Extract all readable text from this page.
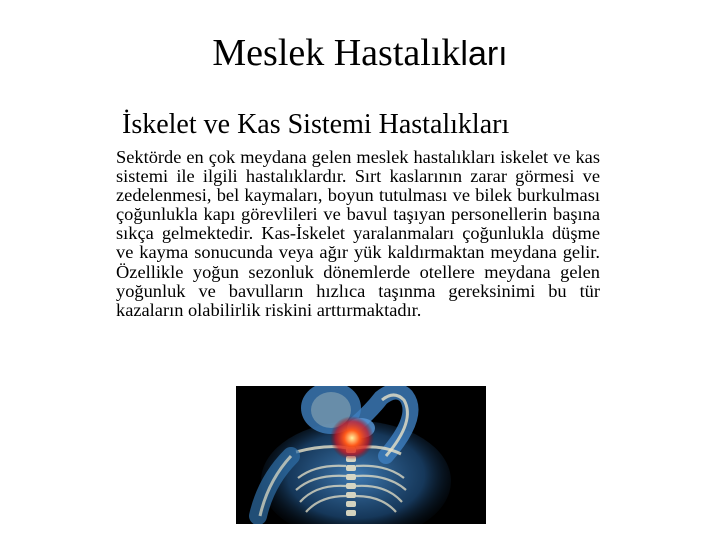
Meslek Hastalıkları
İskelet ve Kas Sistemi Hastalıkları
Sektörde en çok meydana gelen meslek hastalıkları iskelet ve kas sistemi ile ilgili hastalıklardır. Sırt kaslarının zarar görmesi ve zedelenmesi, bel kaymaları, boyun tutulması ve bilek burkulması çoğunlukla kapı görevlileri ve bavul taşıyan personellerin başına sıkça gelmektedir. Kas-İskelet yaralanmaları çoğunlukla düşme ve kayma sonucunda veya ağır yük kaldırmaktan meydana gelir. Özellikle yoğun sezonluk dönemlerde otellere meydana gelen yoğunluk ve bavulların hızlıca taşınma gereksinimi bu tür kazaların olabilirlik riskini arttırmaktadır.
